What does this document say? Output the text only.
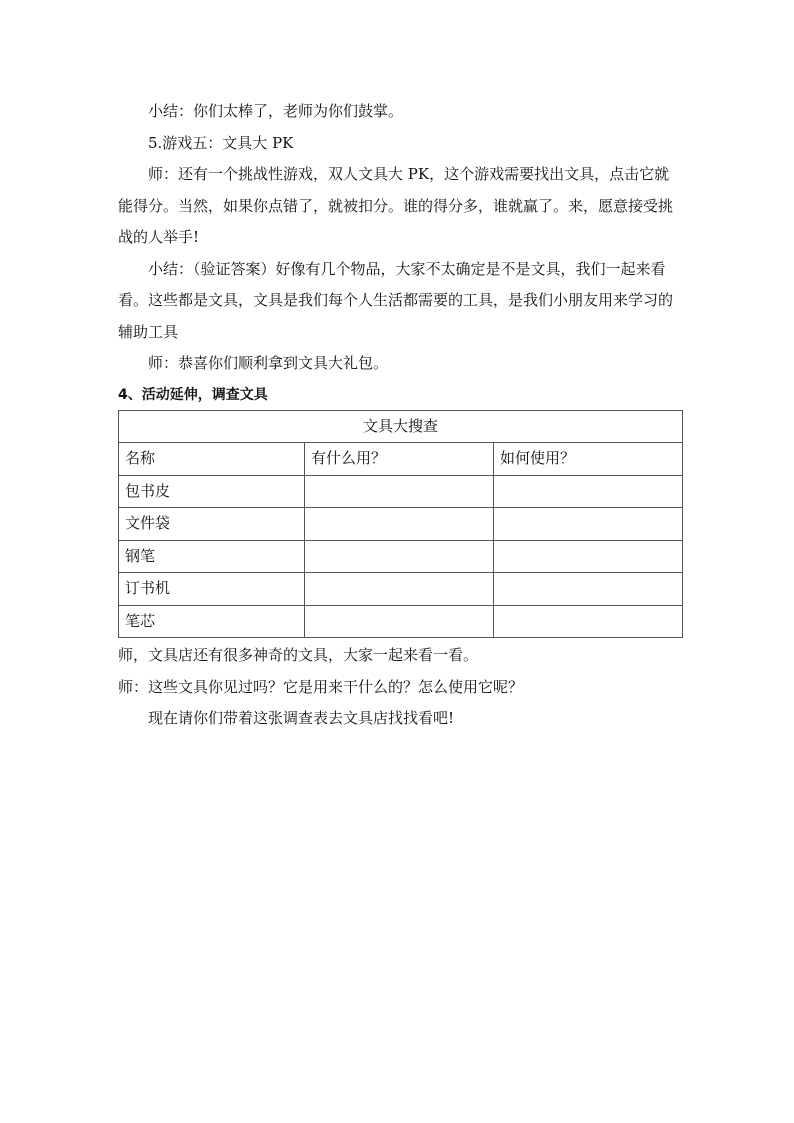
小结：你们太棒了，老师为你们鼓掌。

5.游戏五：文具大 PK

师：还有一个挑战性游戏，双人文具大 PK，这个游戏需要找出文具，点击它就能得分。当然，如果你点错了，就被扣分。谁的得分多，谁就赢了。来，愿意接受挑战的人举手!

小结：（验证答案）好像有几个物品，大家不太确定是不是文具，我们一起来看看。这些都是文具，文具是我们每个人生活都需要的工具，是我们小朋友用来学习的辅助工具

师：恭喜你们顺利拿到文具大礼包。

4、活动延伸，调查文具

文具大搜查		
名称	有什么用？	如何使用？
包书皮		
文件袋		
钢笔		
订书机		
笔芯		

师，文具店还有很多神奇的文具，大家一起来看一看。

师：这些文具你见过吗？它是用来干什么的？怎么使用它呢？

现在请你们带着这张调查表去文具店找找看吧!
